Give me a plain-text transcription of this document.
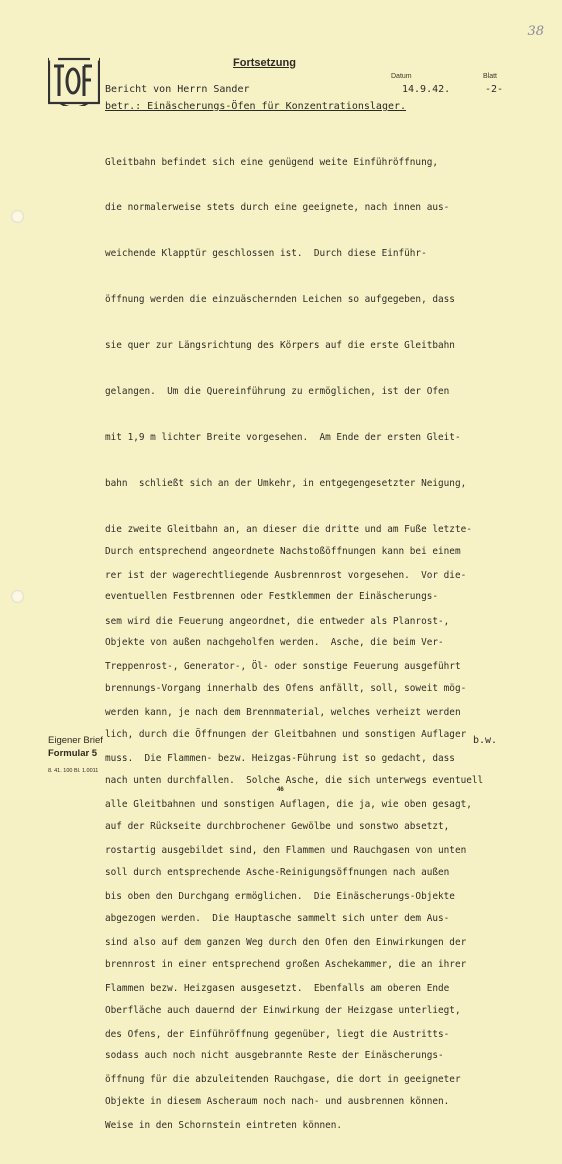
38
Fortsetzung
Datum	Blatt
Bericht von Herrn Sander	14.9.42.	-2-
betr.: Einäscherungs-Öfen für Konzentrationslager.

Gleitbahn befindet sich eine genügend weite Einführöffnung,

die normalerweise stets durch eine geeignete, nach innen aus-

weichende Klapptür geschlossen ist.  Durch diese Einführ-

öffnung werden die einzuäschernden Leichen so aufgegeben, dass

sie quer zur Längsrichtung des Körpers auf die erste Gleitbahn

gelangen.  Um die Quereinführung zu ermöglichen, ist der Ofen

mit 1,9 m lichter Breite vorgesehen.  Am Ende der ersten Gleit-

bahn  schließt sich an der Umkehr, in entgegengesetzter Neigung,

die zweite Gleitbahn an, an dieser die dritte und am Fuße letzte-

rer ist der wagerechtliegende Ausbrennrost vorgesehen.  Vor die-

sem wird die Feuerung angeordnet, die entweder als Planrost-,

Treppenrost-, Generator-, Öl- oder sonstige Feuerung ausgeführt

werden kann, je nach dem Brennmaterial, welches verheizt werden

muss.  Die Flammen- bezw. Heizgas-Führung ist so gedacht, dass

alle Gleitbahnen und sonstigen Auflagen, die ja, wie oben gesagt,

rostartig ausgebildet sind, den Flammen und Rauchgasen von unten

bis oben den Durchgang ermöglichen.  Die Einäscherungs-Objekte

sind also auf dem ganzen Weg durch den Ofen den Einwirkungen der

Flammen bezw. Heizgasen ausgesetzt.  Ebenfalls am oberen Ende

des Ofens, der Einführöffnung gegenüber, liegt die Austritts-

öffnung für die abzuleitenden Rauchgase, die dort in geeigneter

Weise in den Schornstein eintreten können.

Durch entsprechend angeordnete Nachstoßöffnungen kann bei einem

eventuellen Festbrennen oder Festklemmen der Einäscherungs-

Objekte von außen nachgeholfen werden.  Asche, die beim Ver-

brennungs-Vorgang innerhalb des Ofens anfällt, soll, soweit mög-

lich, durch die Öffnungen der Gleitbahnen und sonstigen Auflager

nach unten durchfallen.  Solche Asche, die sich unterwegs eventuell

auf der Rückseite durchbrochener Gewölbe und sonstwo absetzt,

soll durch entsprechende Asche-Reinigungsöffnungen nach außen

abgezogen werden.  Die Hauptasche sammelt sich unter dem Aus-

brennrost in einer entsprechend großen Aschekammer, die an ihrer

Oberfläche auch dauernd der Einwirkung der Heizgase unterliegt,

sodass auch noch nicht ausgebrannte Reste der Einäscherungs-

Objekte in diesem Ascheraum noch nach- und ausbrennen können.

b.w.
Eigener Brief
Formular 5
8. 41. 100 Bl. 1.0011
46
